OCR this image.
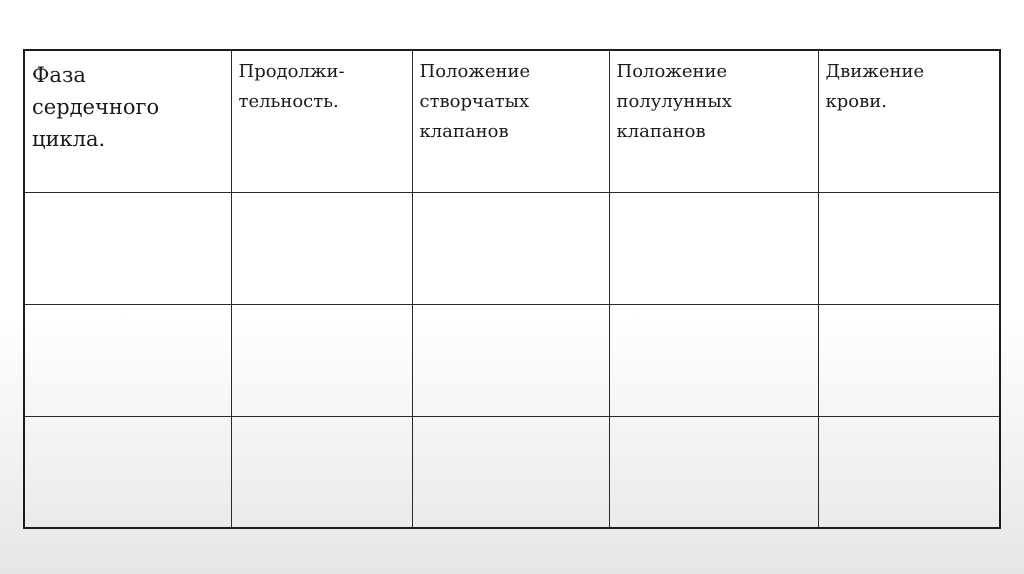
Фаза
сердечного
цикла.	Продолжи-
тельность.	Положение
створчатых
клапанов	Положение
полулунных
клапанов	Движение
крови.
